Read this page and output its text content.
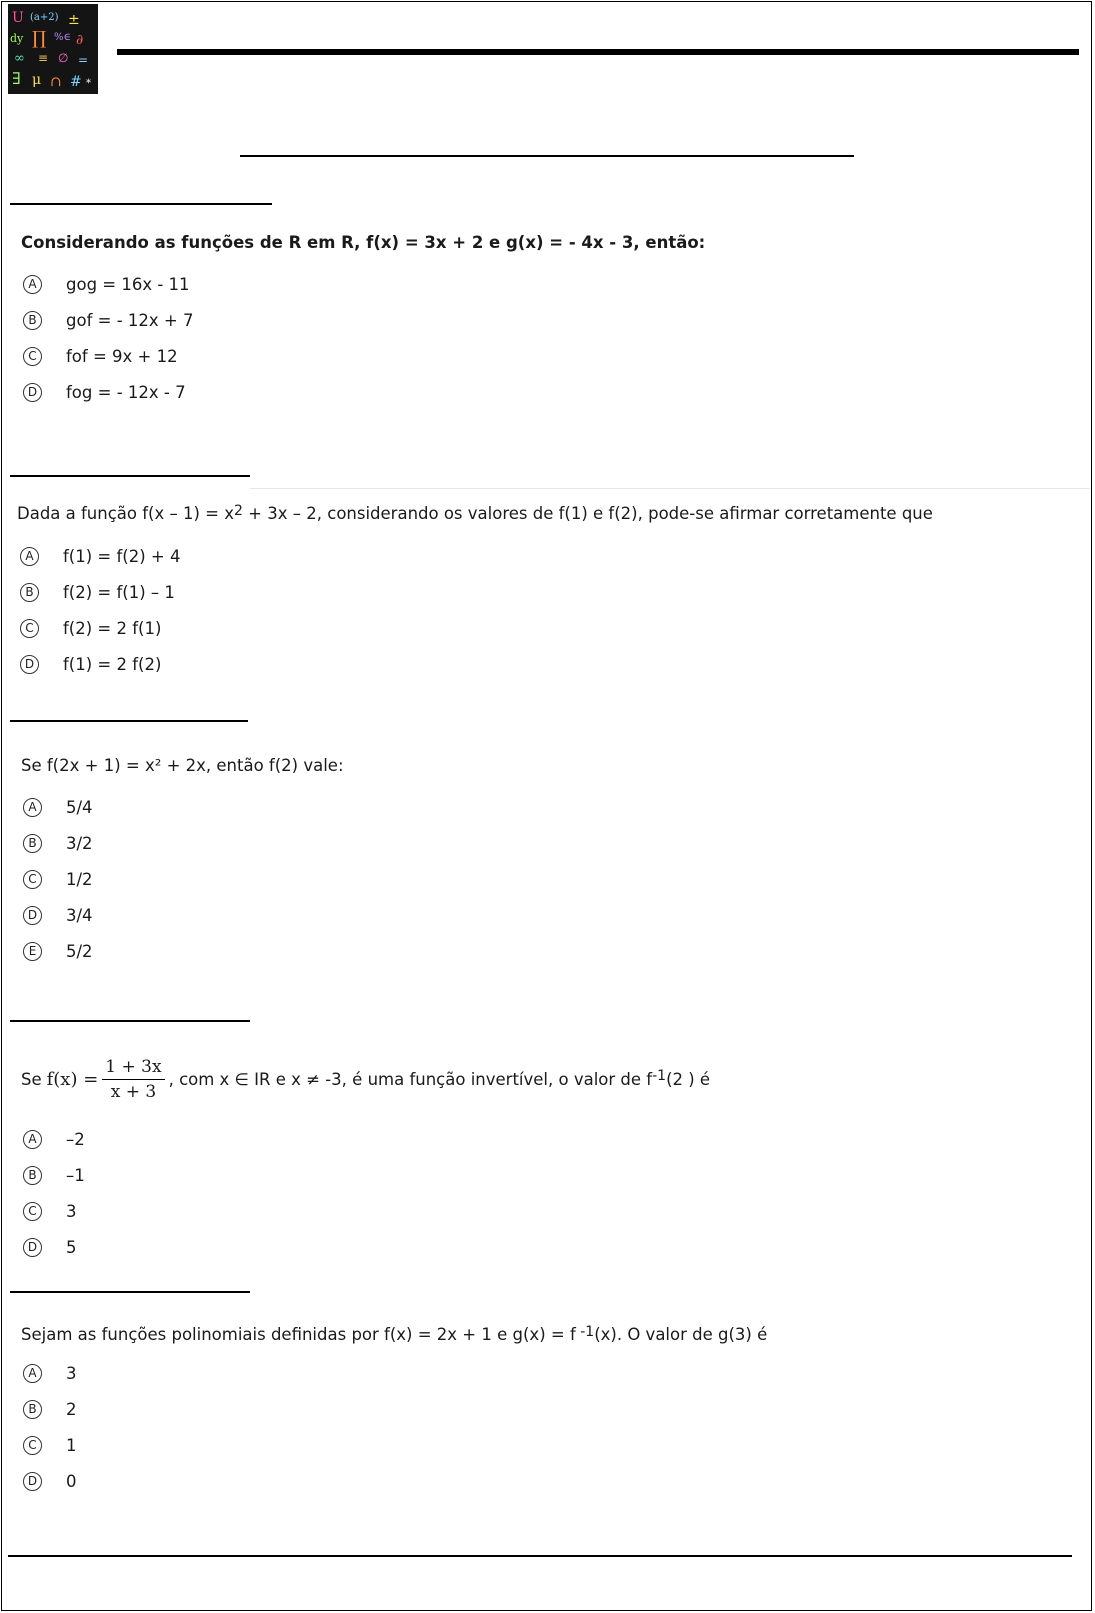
U (a+2) ±
dy ∏ %∈ ∂
∞ ≡ ∅ =
∃ μ ∩ # *
Considerando as funções de R em R, f(x) = 3x + 2 e g(x) = - 4x - 3, então:
A	gog = 16x - 11
B	gof = - 12x + 7
C	fof = 9x + 12
D fog = - 12x - 7
Dada a função $f(x - 1) = x^2 + 3x - 2$, considerando os valores de f(1) e f(2), pode-se afirmar corretamente que
A	f(1) = f(2) + 4
B	f(2) = f(1) – 1
C	f(2) = 2 f(1)
D f(1) = 2 f(2)
Se f(2x + 1) = x² + 2x, então f(2) vale:
A	5/4
B	3/2
C	1/2
D 3/4
E	5/2
Se $f(x) = \frac{1 + 3x}{x + 3}$ , com x ∈ IR e x ≠ -3, é uma função invertível, o valor de f $^{-1}$ (2 ) é
A	–2
B	–1
C	3
D 5
Sejam as funções polinomiais definidas por f(x) = 2x + 1 e g(x) = f $^{-1}$(x). O valor de g(3) é
A	3
B	2
C	1
D 0
